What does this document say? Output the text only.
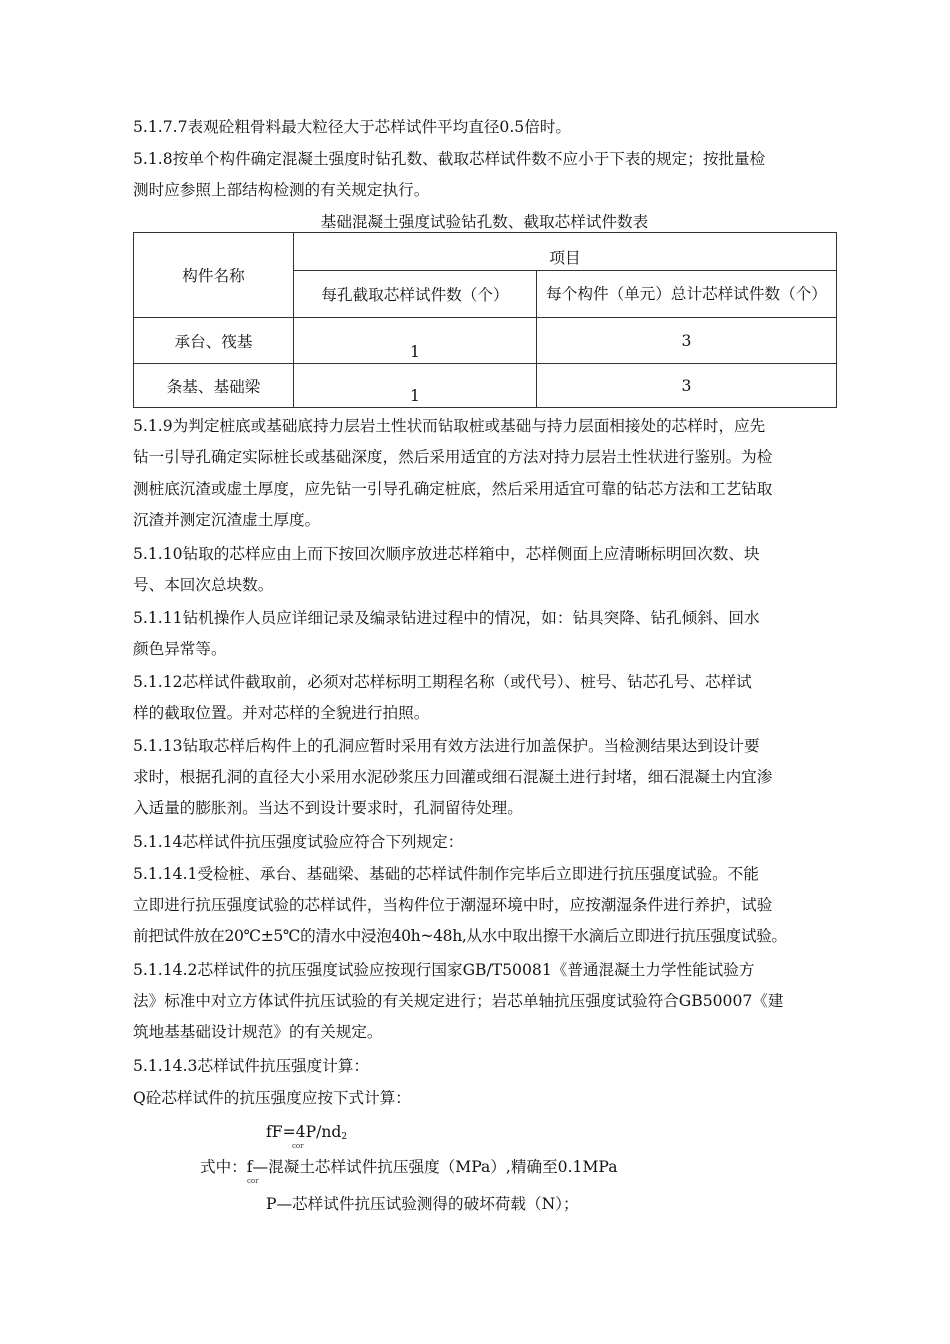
5.1.7.7表观砼粗骨料最大粒径大于芯样试件平均直径0.5倍时。
5.1.8按单个构件确定混凝土强度时钻孔数、截取芯样试件数不应小于下表的规定；按批量检
测时应参照上部结构检测的有关规定执行。
基础混凝土强度试验钻孔数、截取芯样试件数表
构件名称	项目	

	每孔截取芯样试件数（个）	每个构件（单元）总计芯样试件数（个）
承台、筏基	1	3
条基、基础梁	1	3
5.1.9为判定桩底或基础底持力层岩土性状而钻取桩或基础与持力层面相接处的芯样时，应先
钻一引导孔确定实际桩长或基础深度，然后采用适宜的方法对持力层岩土性状进行鉴别。为检
测桩底沉渣或虚土厚度，应先钻一引导孔确定桩底，然后采用适宜可靠的钻芯方法和工艺钻取
沉渣并测定沉渣虚土厚度。
5.1.10钻取的芯样应由上而下按回次顺序放进芯样箱中，芯样侧面上应清晰标明回次数、块
号、本回次总块数。
5.1.11钻机操作人员应详细记录及编录钻进过程中的情况，如：钻具突降、钻孔倾斜、回水
颜色异常等。
5.1.12芯样试件截取前，必须对芯样标明工期程名称（或代号）、桩号、钻芯孔号、芯样试
样的截取位置。并对芯样的全貌进行拍照。
5.1.13钻取芯样后构件上的孔洞应暂时采用有效方法进行加盖保护。当检测结果达到设计要
求时，根据孔洞的直径大小采用水泥砂浆压力回灌或细石混凝土进行封堵，细石混凝土内宜渗
入适量的膨胀剂。当达不到设计要求时，孔洞留待处理。
5.1.14芯样试件抗压强度试验应符合下列规定：
5.1.14.1受检桩、承台、基础梁、基础的芯样试件制作完毕后立即进行抗压强度试验。不能
立即进行抗压强度试验的芯样试件，当构件位于潮湿环境中时，应按潮湿条件进行养护，试验
前把试件放在20℃±5℃的清水中浸泡40h~48h,从水中取出擦干水滴后立即进行抗压强度试验。
5.1.14.2芯样试件的抗压强度试验应按现行国家GB/T50081《普通混凝土力学性能试验方
法》标准中对立方体试件抗压试验的有关规定进行；岩芯单轴抗压强度试验符合GB50007《建
筑地基基础设计规范》的有关规定。
5.1.14.3芯样试件抗压强度计算：
Q砼芯样试件的抗压强度应按下式计算：
fF=4P/nd2
cor
式中：f—混凝土芯样试件抗压强度（MPa）,精确至0.1MPa
cor
P—芯样试件抗压试验测得的破坏荷载（N）；
